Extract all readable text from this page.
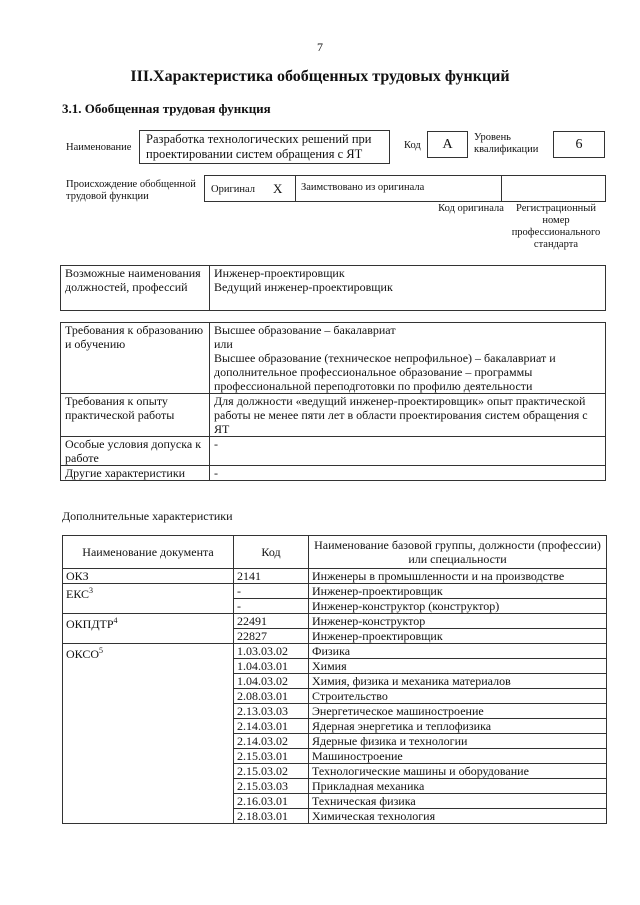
7
III.Характеристика обобщенных трудовых функций
3.1. Обобщенная трудовая функция
Наименование
Разработка технологических решений при проектировании систем обращения с ЯТ
Код	А	Уровень квалификации	6
Происхождение обобщенной трудовой функции
Оригинал X Заимствовано из оригинала
Код оригинала	Регистрационный номер профессионального стандарта
Возможные наименования должностей, профессий	
Инженер-проектировщик
Ведущий инженер-проектировщик
Требования к образованию и обучению	Высшее образование – бакалавриат
или
Высшее образование (техническое непрофильное) – бакалавриат и дополнительное профессиональное образование – программы профессиональной переподготовки по профилю деятельности

Требования к опыту практической работы	Для должности «ведущий инженер-проектировщик» опыт практической работы не менее пяти лет в области проектирования систем обращения с ЯТ
Особые условия допуска к работе	-
Другие характеристики	-
Дополнительные характеристики
Наименование документа	Код	Наименование базовой группы, должности (профессии) или специальности
ОКЗ	2141	Инженеры в промышленности и на производстве
ЕКС$^3$	-	Инженер-проектировщик
	-	Инженер-конструктор (конструктор)
ОКПДТР$^4$	22491	Инженер-конструктор
	22827	Инженер-проектировщик
ОКСО$^5$	1.03.03.02	Физика
	1.04.03.01	Химия
	1.04.03.02	Химия, физика и механика материалов
	2.08.03.01	Строительство
	2.13.03.03	Энергетическое машиностроение
	2.14.03.01	Ядерная энергетика и теплофизика
	2.14.03.02	Ядерные физика и технологии
	2.15.03.01	Машиностроение
	2.15.03.02	Технологические машины и оборудование
	2.15.03.03	Прикладная механика
	2.16.03.01	Техническая физика
	2.18.03.01	Химическая технология
